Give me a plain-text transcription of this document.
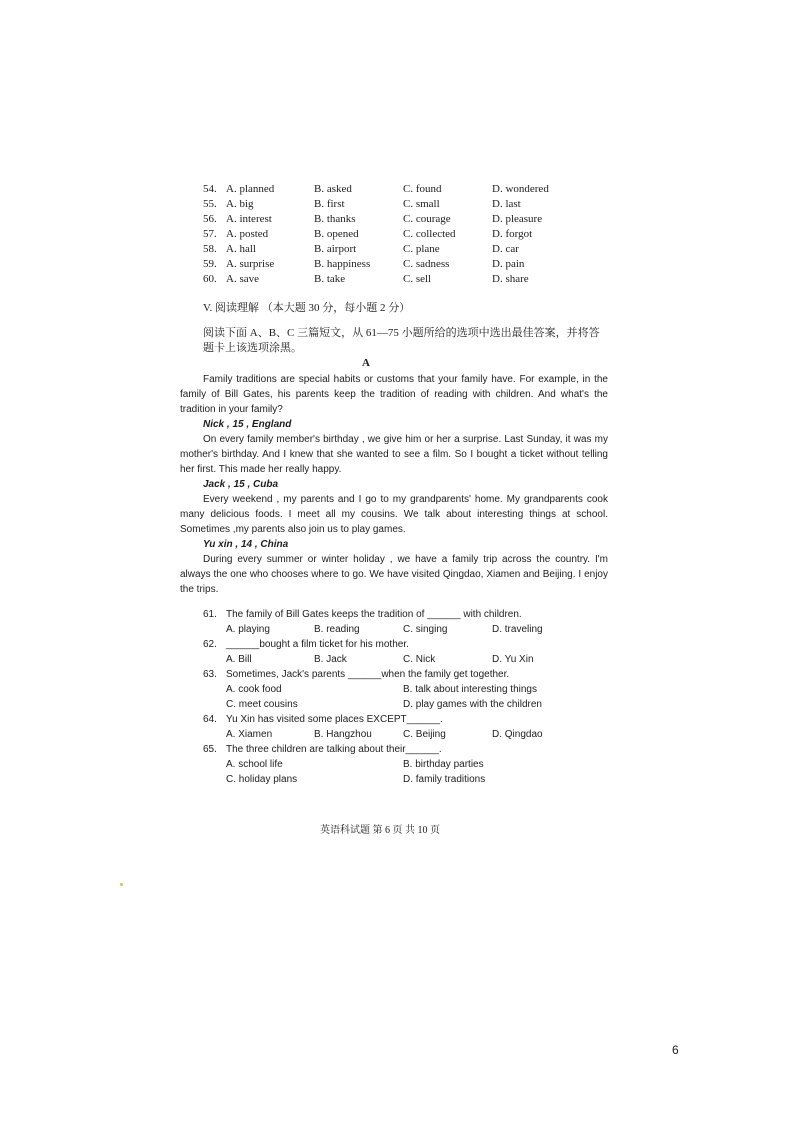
54. A. planned	B. asked	C. found	D. wondered
55. A. big	B. first	C. small	D. last
56. A. interest	B. thanks	C. courage	D. pleasure
57. A. posted	B. opened	C. collected	D. forgot
58. A. hall	B. airport	C. plane	D. car
59. A. surprise	B. happiness	C. sadness	D. pain
60. A. save	B. take	C. sell	D. share
V. 阅读理解 （本大题 30 分，每小题 2 分）
阅读下面 A、B、C 三篇短文，从 61—75 小题所给的选项中选出最佳答案，并将答
题卡上该选项涂黑。
A

Family traditions are special habits or customs that your family have. For example, in the family of Bill Gates, his parents keep the tradition of reading with children. And what's the tradition in your family?

Nick , 15 , England

On every family member's birthday , we give him or her a surprise. Last Sunday, it was my mother's birthday. And I knew that she wanted to see a film. So I bought a ticket without telling her first. This made her really happy.

Jack , 15 , Cuba

Every weekend , my parents and I go to my grandparents' home. My grandparents cook many delicious foods. I meet all my cousins. We talk about interesting things at school. Sometimes ,my parents also join us to play games.

Yu xin , 14 , China

During every summer or winter holiday , we have a family trip across the country. I'm always the one who chooses where to go. We have visited Qingdao, Xiamen and Beijing. I enjoy the trips.

61. The family of Bill Gates keeps the tradition of ______ with children.
A. playing	B. reading	C. singing	D. traveling
62. ______bought a film ticket for his mother.
A. Bill	B. Jack	C. Nick	D. Yu Xin
63. Sometimes, Jack's parents ______when the family get together.
A. cook food	B. talk about interesting things
C. meet cousins	D. play games with the children
64. Yu Xin has visited some places EXCEPT______.
A. Xiamen	B. Hangzhou	C. Beijing	D. Qingdao
65. The three children are talking about their______.
A. school life	B. birthday parties
C. holiday plans	D. family traditions
英语科试题 第 6 页 共 10 页
6
